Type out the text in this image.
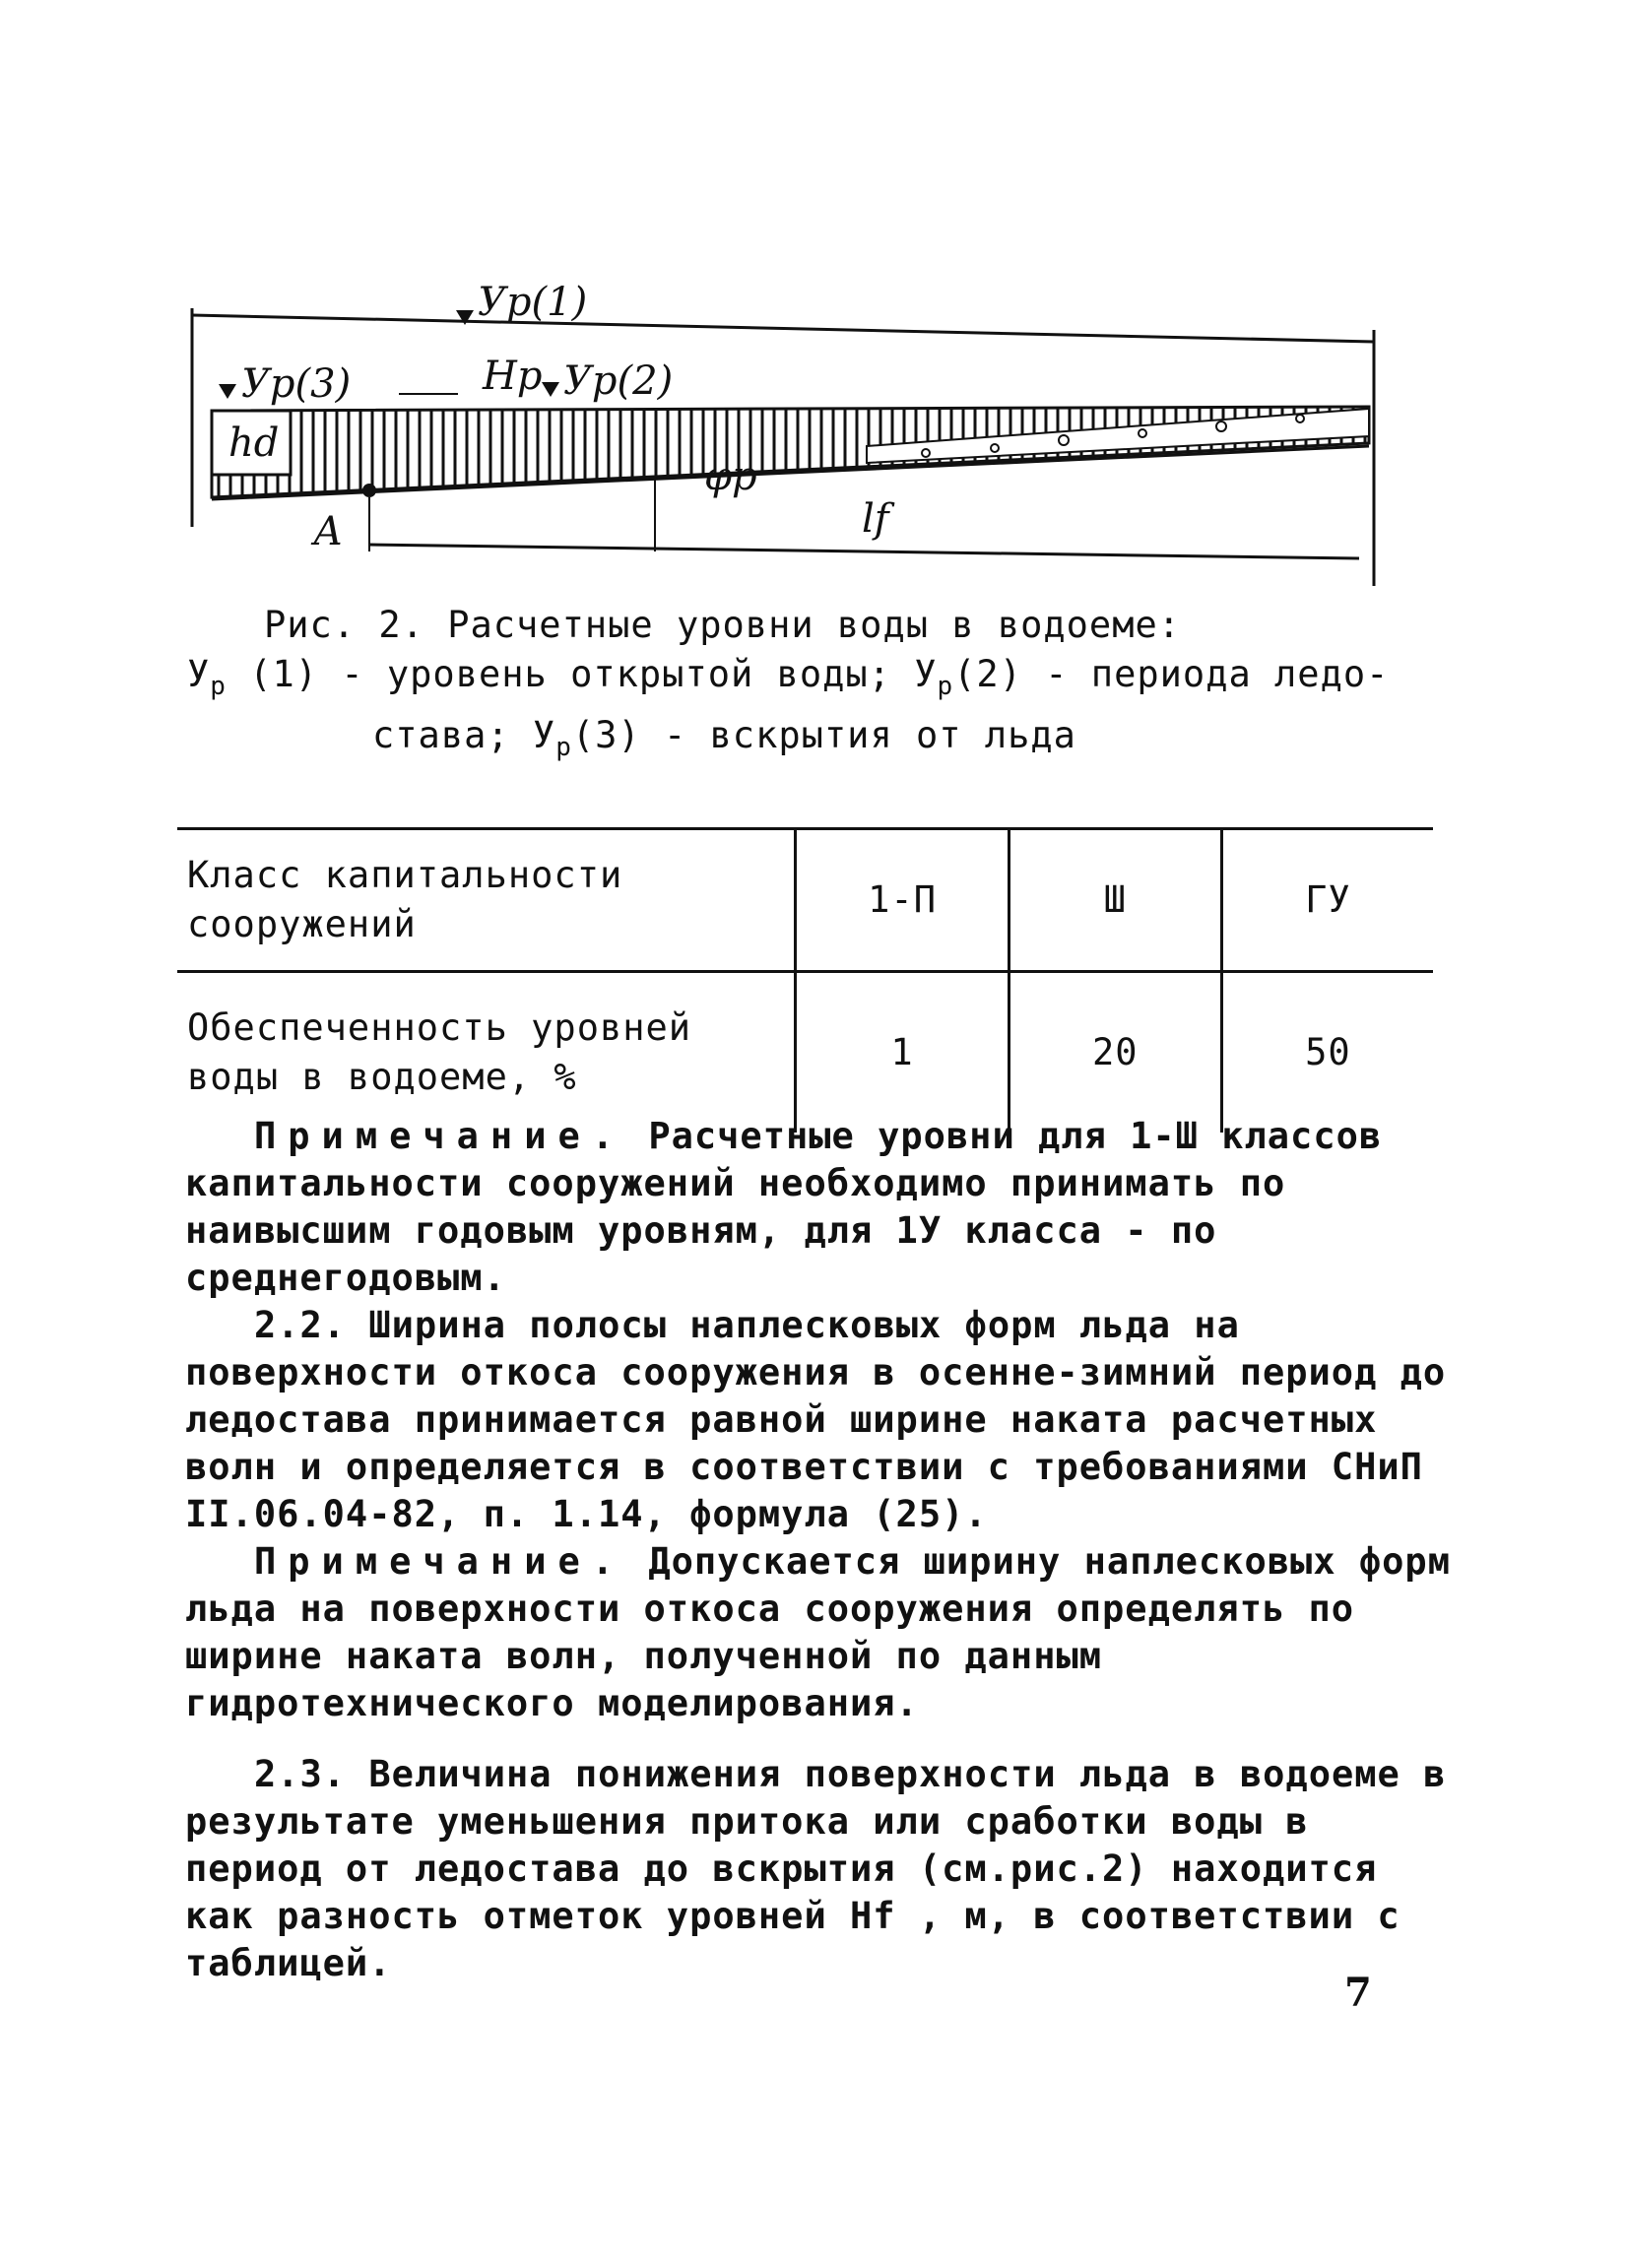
Ур(1)
Ур(3)	Нр Ур(2)
hd
φр
А	lf
Рис. 2. Расчетные уровни воды в водоеме:
$У_р$ (1) - уровень открытой воды; $У_р(2)$ - периода ледо-
става; $У_р(3)$ - вскрытия от льда
Класс капитальности сооружений	1-П	Ш	ГУ
Обеспеченность уровней воды в водоеме, %	1	20	50

Примечание. Расчетные уровни для 1-Ш классов капитальности сооружений необходимо принимать по наивысшим годовым уровням, для 1У класса - по среднегодовым.

2.2. Ширина полосы наплесковых форм льда на поверхности откоса сооружения в осенне-зимний период до ледостава принимается равной ширине наката расчетных волн и определяется в соответствии с требованиями СНиП II.06.04-82, п. 1.14, формула (25).

Примечание. Допускается ширину наплесковых форм льда на поверхности откоса сооружения определять по ширине наката волн, полученной по данным гидротехнического моделирования.

2.3. Величина понижения поверхности льда в водоеме в результате уменьшения притока или сработки воды в период от ледостава до вскрытия (см.рис.2) находится как разность отметок уровней Нf , м, в соответствии с таблицей.

7
